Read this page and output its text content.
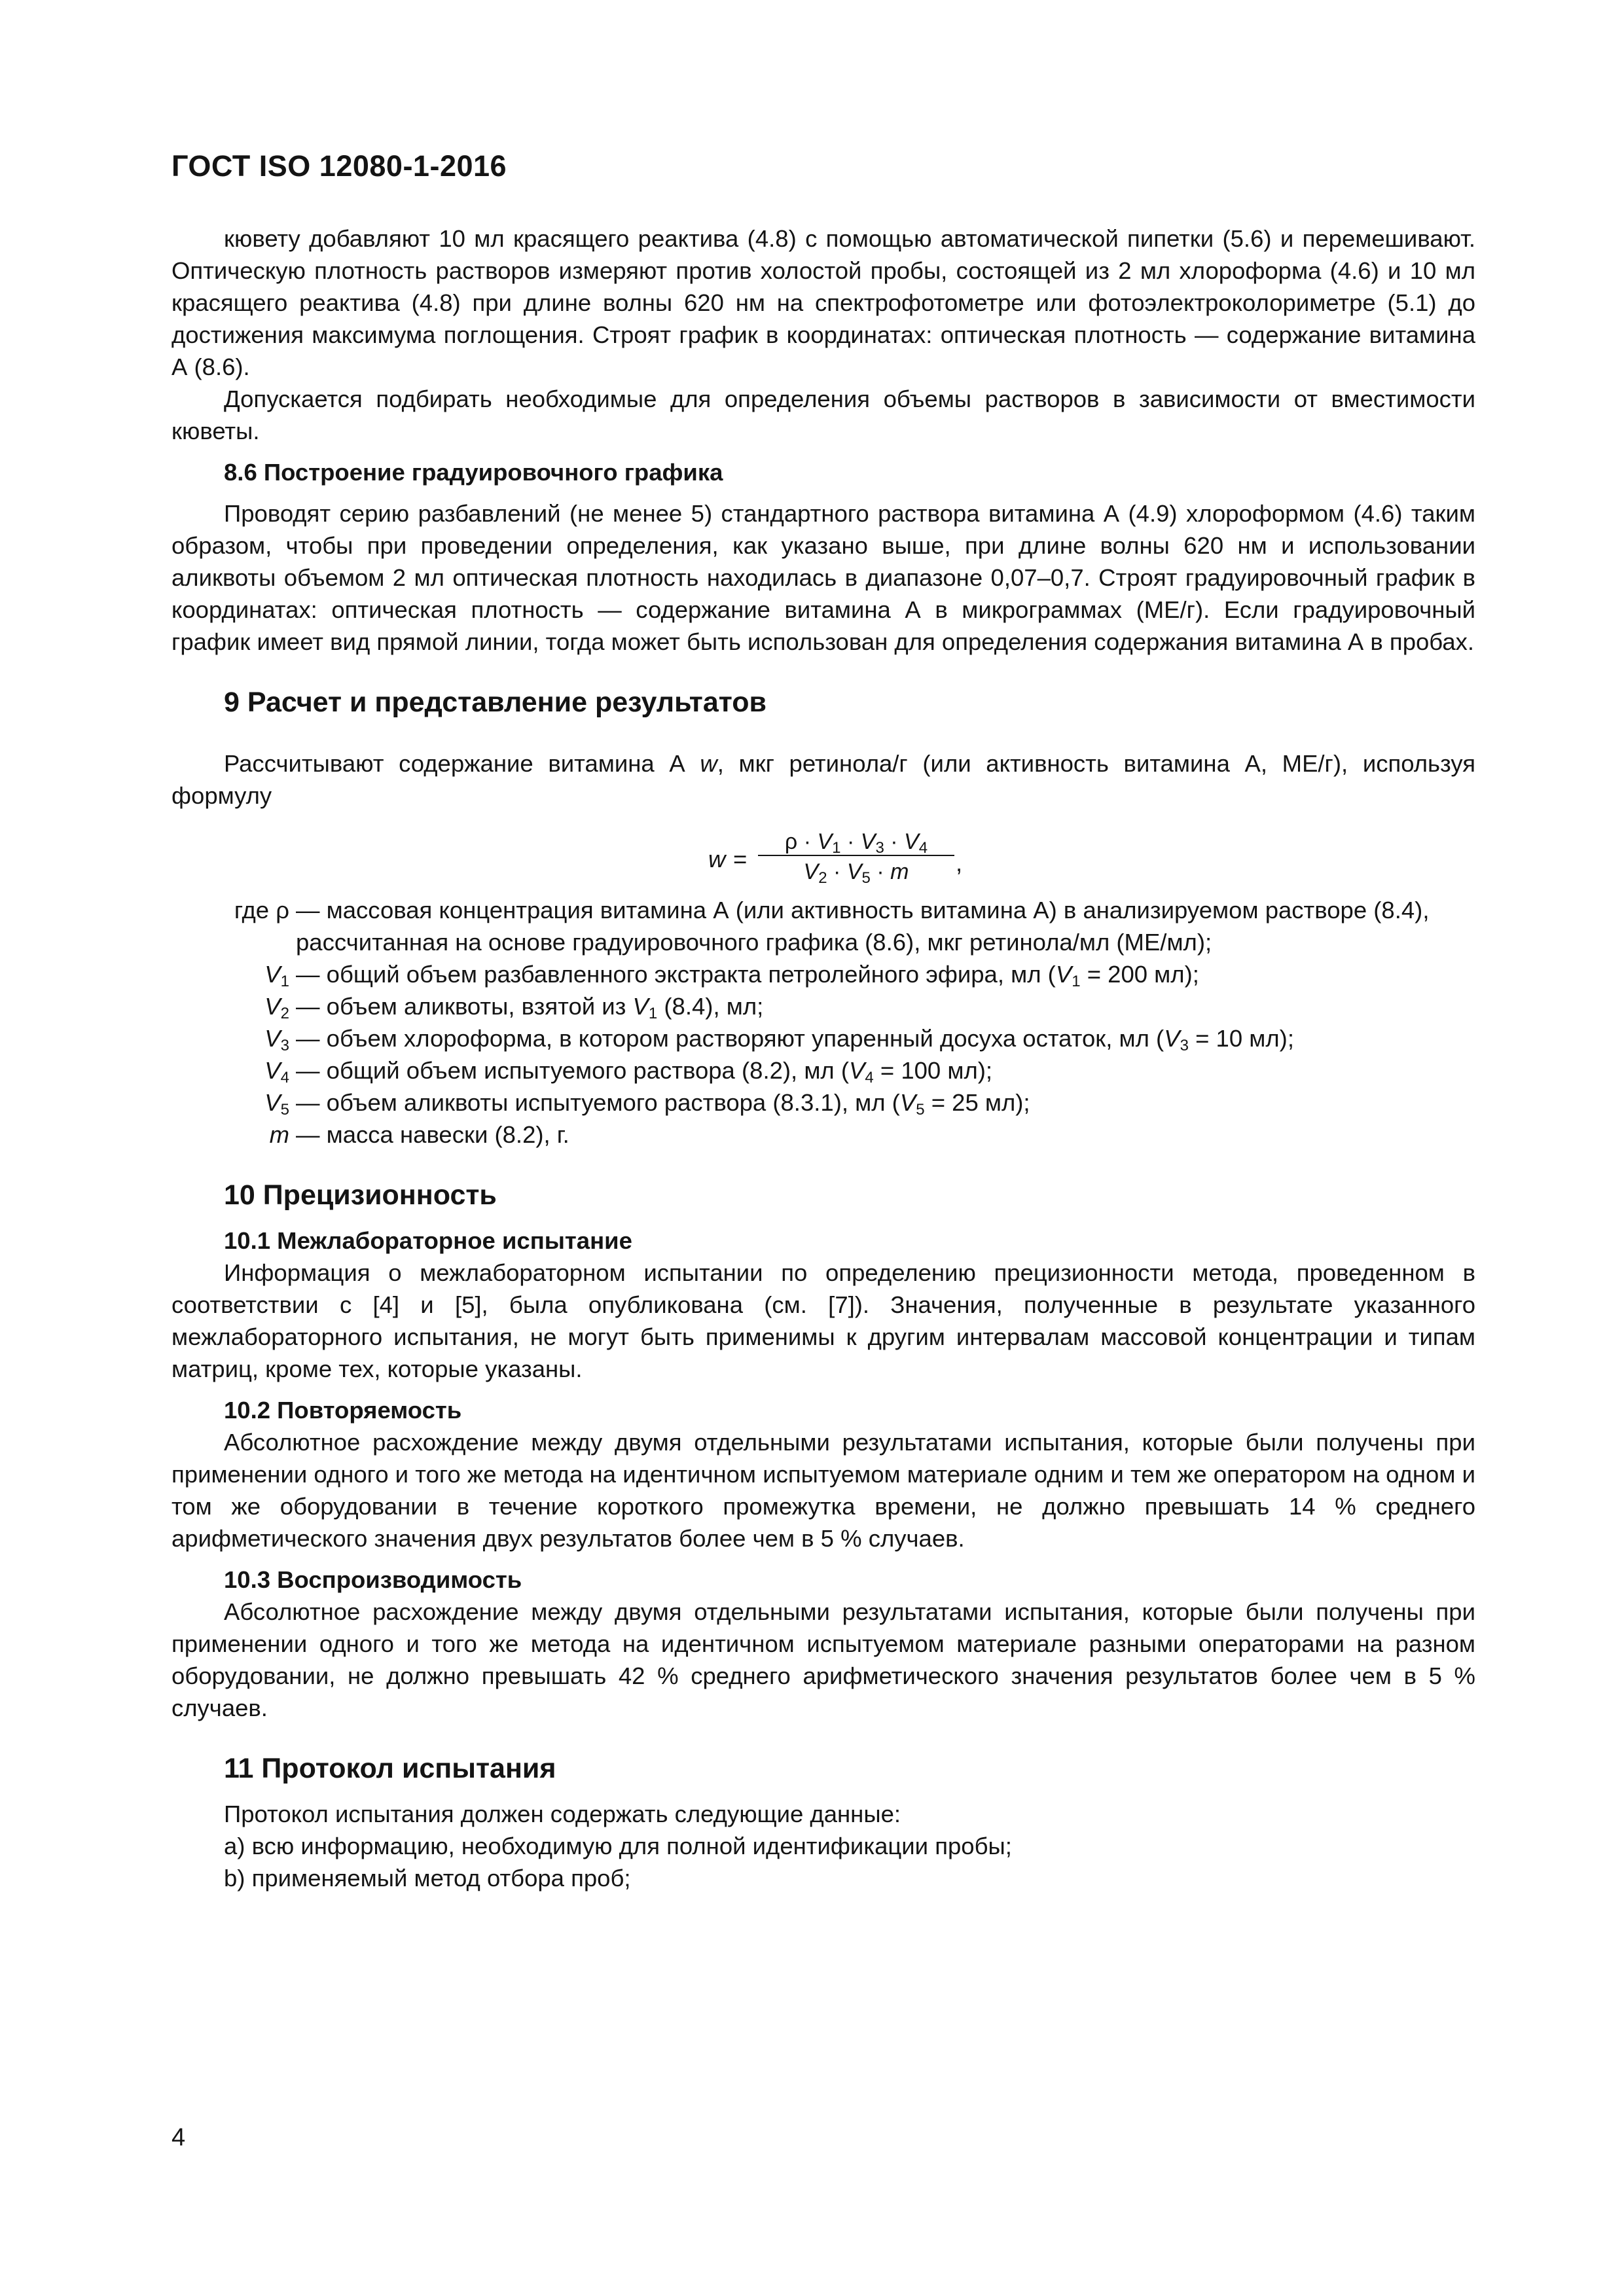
ГОСТ ISO 12080-1-2016

кювету добавляют 10 мл красящего реактива (4.8) с помощью автоматической пипетки (5.6) и перемешивают. Оптическую плотность растворов измеряют против холостой пробы, состоящей из 2 мл хлороформа (4.6) и 10 мл красящего реактива (4.8) при длине волны 620 нм на спектрофотометре или фотоэлектроколориметре (5.1) до достижения максимума поглощения. Строят график в координатах: оптическая плотность — содержание витамина А (8.6).

Допускается подбирать необходимые для определения объемы растворов в зависимости от вместимости кюветы.

8.6 Построение градуировочного графика

Проводят серию разбавлений (не менее 5) стандартного раствора витамина А (4.9) хлороформом (4.6) таким образом, чтобы при проведении определения, как указано выше, при длине волны 620 нм и использовании аликвоты объемом 2 мл оптическая плотность находилась в диапазоне 0,07–0,7. Строят градуировочный график в координатах: оптическая плотность — содержание витамина А в микрограммах (МЕ/г). Если градуировочный график имеет вид прямой линии, тогда может быть использован для определения содержания витамина А в пробах.

9 Расчет и представление результатов

Рассчитывают содержание витамина А w, мкг ретинола/г (или активность витамина А, МЕ/г), используя формулу

w =
$\rho \cdot V_1 \cdot V_3 \cdot V_4$
$V_2 \cdot V_5 \cdot m$	,
где ρ — массовая концентрация витамина А (или активность витамина А) в анализируемом растворе (8.4), рассчитанная на основе градуировочного графика (8.6), мкг ретинола/мл (МЕ/мл);
$V_1$ — общий объем разбавленного экстракта петролейного эфира, мл ($V_1 = 200$ мл);
$V_2$ — объем аликвоты, взятой из $V_1$ (8.4), мл;
$V_3$ — объем хлороформа, в котором растворяют упаренный досуха остаток, мл ($V_3 = 10$ мл);
$V_4$ — общий объем испытуемого раствора (8.2), мл ($V_4 = 100$ мл);
$V_5$ — объем аликвоты испытуемого раствора (8.3.1), мл ($V_5 = 25$ мл);
m — масса навески (8.2), г.

10 Прецизионность

10.1 Межлабораторное испытание

Информация о межлабораторном испытании по определению прецизионности метода, проведенном в соответствии с [4] и [5], была опубликована (см. [7]). Значения, полученные в результате указанного межлабораторного испытания, не могут быть применимы к другим интервалам массовой концентрации и типам матриц, кроме тех, которые указаны.

10.2 Повторяемость

Абсолютное расхождение между двумя отдельными результатами испытания, которые были получены при применении одного и того же метода на идентичном испытуемом материале одним и тем же оператором на одном и том же оборудовании в течение короткого промежутка времени, не должно превышать 14 % среднего арифметического значения двух результатов более чем в 5 % случаев.

10.3 Воспроизводимость

Абсолютное расхождение между двумя отдельными результатами испытания, которые были получены при применении одного и того же метода на идентичном испытуемом материале разными операторами на разном оборудовании, не должно превышать 42 % среднего арифметического значения результатов более чем в 5 % случаев.

11 Протокол испытания

Протокол испытания должен содержать следующие данные:

а) всю информацию, необходимую для полной идентификации пробы;

b) применяемый метод отбора проб;

4
